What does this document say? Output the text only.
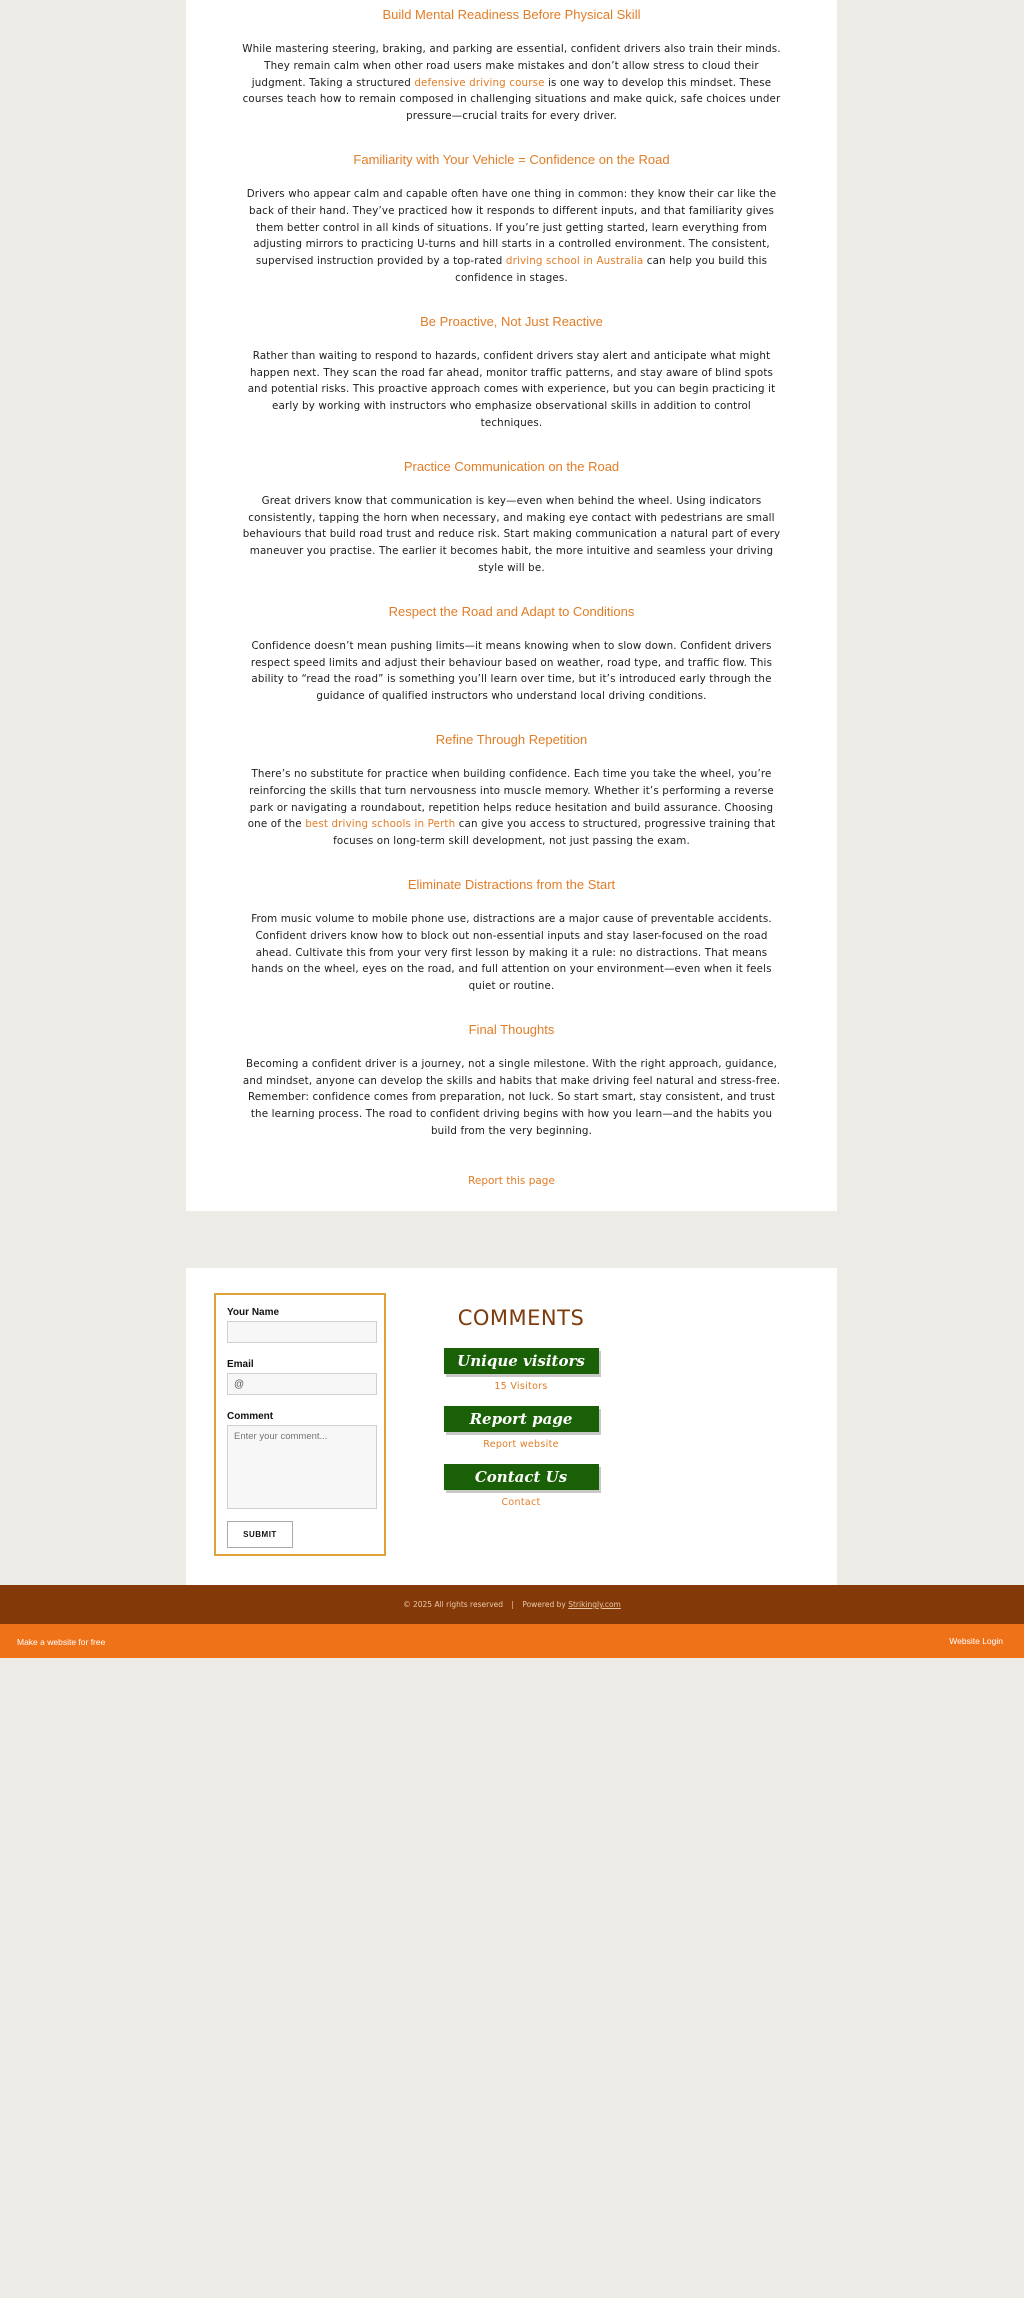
Build Mental Readiness Before Physical Skill

While mastering steering, braking, and parking are essential, confident drivers also train their minds. They remain calm when other road users make mistakes and don’t allow stress to cloud their judgment. Taking a structured defensive driving course is one way to develop this mindset. These courses teach how to remain composed in challenging situations and make quick, safe choices under pressure—crucial traits for every driver.

Familiarity with Your Vehicle = Confidence on the Road

Drivers who appear calm and capable often have one thing in common: they know their car like the back of their hand. They’ve practiced how it responds to different inputs, and that familiarity gives them better control in all kinds of situations. If you’re just getting started, learn everything from adjusting mirrors to practicing U-turns and hill starts in a controlled environment. The consistent, supervised instruction provided by a top-rated driving school in Australia can help you build this confidence in stages.

Be Proactive, Not Just Reactive

Rather than waiting to respond to hazards, confident drivers stay alert and anticipate what might happen next. They scan the road far ahead, monitor traffic patterns, and stay aware of blind spots and potential risks. This proactive approach comes with experience, but you can begin practicing it early by working with instructors who emphasize observational skills in addition to control techniques.

Practice Communication on the Road

Great drivers know that communication is key—even when behind the wheel. Using indicators consistently, tapping the horn when necessary, and making eye contact with pedestrians are small behaviours that build road trust and reduce risk. Start making communication a natural part of every maneuver you practise. The earlier it becomes habit, the more intuitive and seamless your driving style will be.

Respect the Road and Adapt to Conditions

Confidence doesn’t mean pushing limits—it means knowing when to slow down. Confident drivers respect speed limits and adjust their behaviour based on weather, road type, and traffic flow. This ability to “read the road” is something you’ll learn over time, but it’s introduced early through the guidance of qualified instructors who understand local driving conditions.

Refine Through Repetition

There’s no substitute for practice when building confidence. Each time you take the wheel, you’re reinforcing the skills that turn nervousness into muscle memory. Whether it’s performing a reverse park or navigating a roundabout, repetition helps reduce hesitation and build assurance. Choosing one of the best driving schools in Perth can give you access to structured, progressive training that focuses on long-term skill development, not just passing the exam.

Eliminate Distractions from the Start

From music volume to mobile phone use, distractions are a major cause of preventable accidents. Confident drivers know how to block out non-essential inputs and stay laser-focused on the road ahead. Cultivate this from your very first lesson by making it a rule: no distractions. That means hands on the wheel, eyes on the road, and full attention on your environment—even when it feels quiet or routine.

Final Thoughts

Becoming a confident driver is a journey, not a single milestone. With the right approach, guidance, and mindset, anyone can develop the skills and habits that make driving feel natural and stress-free. Remember: confidence comes from preparation, not luck. So start smart, stay consistent, and trust the learning process. The road to confident driving begins with how you learn—and the habits you build from the very beginning.

Report this page
Your Name
Email
@
Comment
Enter your comment... SUBMIT
COMMENTS
Unique visitors
15 Visitors
Report page
Report website
Contact Us
Contact
© 2025 All rights reserved | Powered by Strikingly.com
Make a website for free	Website Login
